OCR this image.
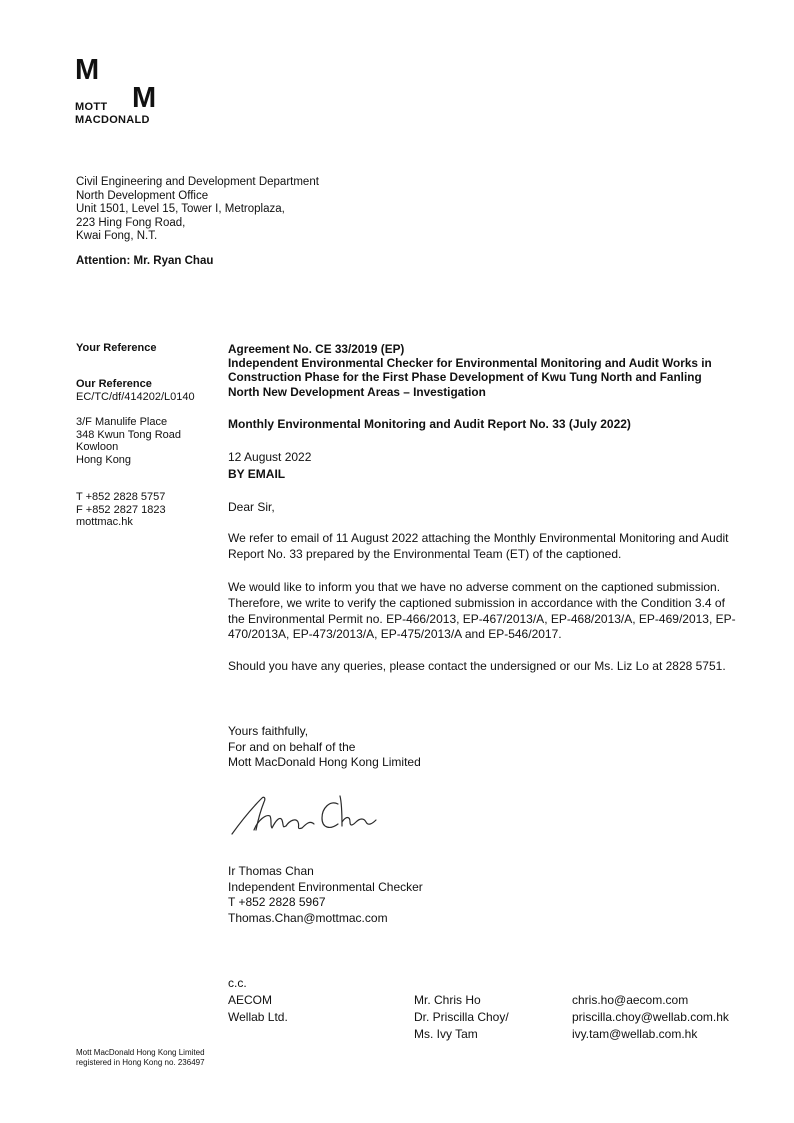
M
M
MOTT
MACDONALD
Civil Engineering and Development Department
North Development Office
Unit 1501, Level 15, Tower I, Metroplaza,
223 Hing Fong Road,
Kwai Fong, N.T.
Attention: Mr. Ryan Chau
Your Reference
Our Reference
EC/TC/df/414202/L0140
3/F Manulife Place
348 Kwun Tong Road
Kowloon
Hong Kong
T +852 2828 5757
F +852 2827 1823
mottmac.hk
Agreement No. CE 33/2019 (EP)
Independent Environmental Checker for Environmental Monitoring and Audit Works in
Construction Phase for the First Phase Development of Kwu Tung North and Fanling
North New Development Areas – Investigation
Monthly Environmental Monitoring and Audit Report No. 33 (July 2022)
12 August 2022
BY EMAIL
Dear Sir,
We refer to email of 11 August 2022 attaching the Monthly Environmental Monitoring and Audit Report No. 33 prepared by the Environmental Team (ET) of the captioned.
We would like to inform you that we have no adverse comment on the captioned submission. Therefore, we write to verify the captioned submission in accordance with the Condition 3.4 of the Environmental Permit no. EP-466/2013, EP-467/2013/A, EP-468/2013/A, EP-469/2013, EP-470/2013A, EP-473/2013/A, EP-475/2013/A and EP-546/2017.
Should you have any queries, please contact the undersigned or our Ms. Liz Lo at 2828 5751.
Yours faithfully,
For and on behalf of the
Mott MacDonald Hong Kong Limited
Ir Thomas Chan
Independent Environmental Checker
T +852 2828 5967
Thomas.Chan@mottmac.com
c.c.
AECOM
Wellab Ltd.
Mr. Chris Ho
Dr. Priscilla Choy/
Ms. Ivy Tam
chris.ho@aecom.com
priscilla.choy@wellab.com.hk
ivy.tam@wellab.com.hk
Mott MacDonald Hong Kong Limited
registered in Hong Kong no. 236497
